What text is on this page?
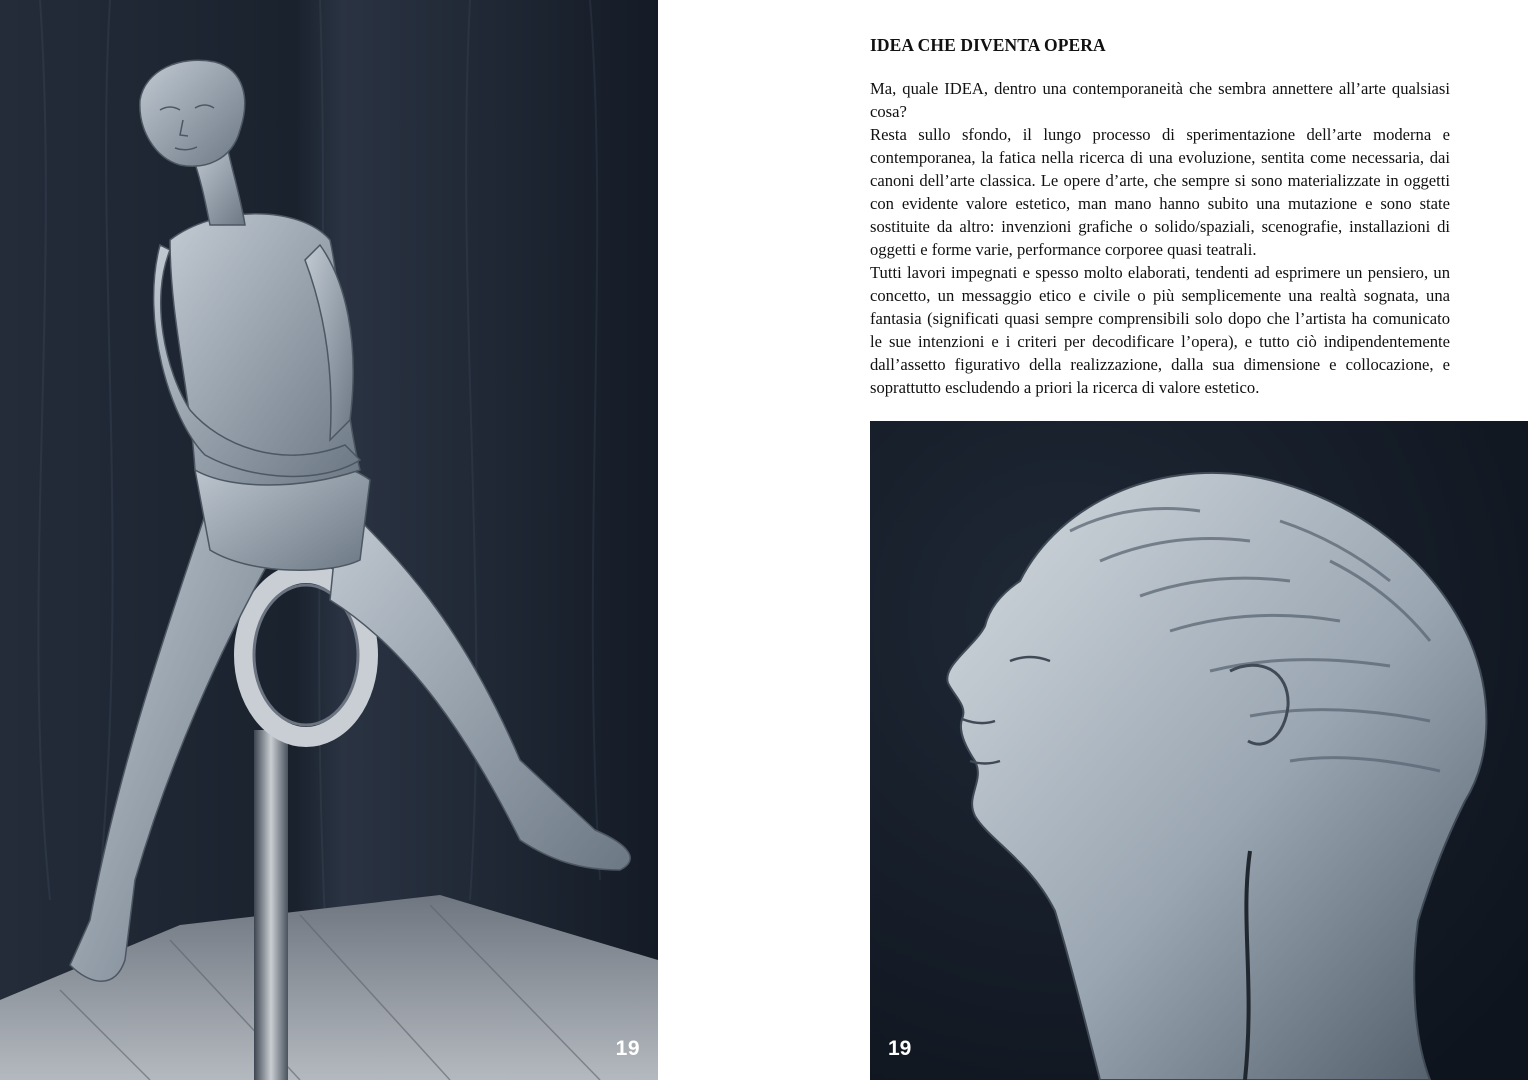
19
IDEA CHE DIVENTA OPERA

Ma, quale IDEA, dentro una contemporaneità che sembra annettere all’arte qualsiasi cosa?

Resta sullo sfondo, il lungo processo di sperimentazione dell’arte moderna e contemporanea, la fatica nella ricerca di una evoluzione, sentita come necessaria, dai canoni dell’arte classica. Le opere d’arte, che sempre si sono materializzate in oggetti con evidente valore estetico, man mano hanno subito una mutazione e sono state sostituite da altro: invenzioni grafiche o solido/spaziali, scenografie, installazioni di oggetti e forme varie, performance corporee quasi teatrali.

Tutti lavori impegnati e spesso molto elaborati, tendenti ad esprimere un pensiero, un concetto, un messaggio etico e civile o più semplicemente una realtà sognata, una fantasia (significati quasi sempre comprensibili solo dopo che l’artista ha comunicato le sue intenzioni e i criteri per decodificare l’opera), e tutto ciò indipendentemente dall’assetto figurativo della realizzazione, dalla sua dimensione e collocazione, e soprattutto escludendo a priori la ricerca di valore estetico.

19
